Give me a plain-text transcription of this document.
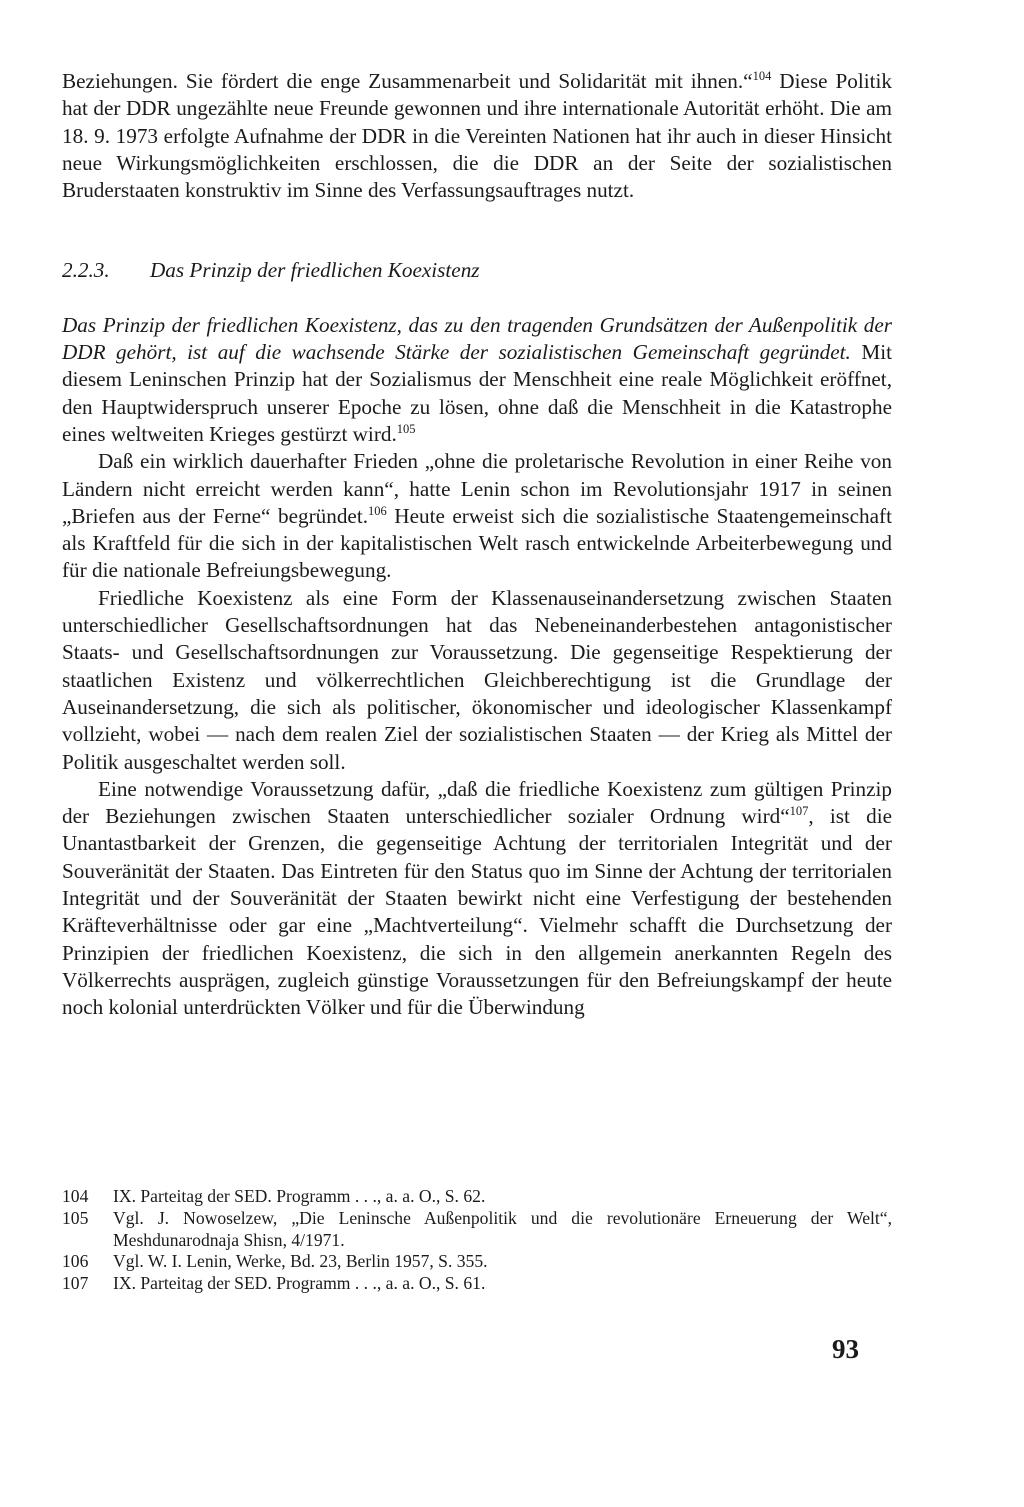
Beziehungen. Sie fördert die enge Zusammenarbeit und Solidarität mit ihnen.“$^{104}$ Diese Politik hat der DDR ungezählte neue Freunde gewonnen und ihre internationale Autorität erhöht. Die am 18. 9. 1973 erfolgte Aufnahme der DDR in die Vereinten Nationen hat ihr auch in dieser Hinsicht neue Wirkungsmöglichkeiten erschlossen, die die DDR an der Seite der sozialistischen Bruderstaaten konstruktiv im Sinne des Verfassungsauftrages nutzt.

2.2.3. Das Prinzip der friedlichen Koexistenz

Das Prinzip der friedlichen Koexistenz, das zu den tragenden Grundsätzen der Außenpolitik der DDR gehört, ist auf die wachsende Stärke der sozialistischen Gemeinschaft gegründet. Mit diesem Leninschen Prinzip hat der Sozialismus der Menschheit eine reale Möglichkeit eröffnet, den Hauptwiderspruch unserer Epoche zu lösen, ohne daß die Menschheit in die Katastrophe eines weltweiten Krieges gestürzt wird.$^{105}$

Daß ein wirklich dauerhafter Frieden „ohne die proletarische Revolution in einer Reihe von Ländern nicht erreicht werden kann“, hatte Lenin schon im Revolutionsjahr 1917 in seinen „Briefen aus der Ferne“ begründet.$^{106}$ Heute erweist sich die sozialistische Staatengemeinschaft als Kraftfeld für die sich in der kapitalistischen Welt rasch entwickelnde Arbeiterbewegung und für die nationale Befreiungsbewegung.

Friedliche Koexistenz als eine Form der Klassenauseinandersetzung zwischen Staaten unterschiedlicher Gesellschaftsordnungen hat das Nebeneinanderbestehen antagonistischer Staats- und Gesellschaftsordnungen zur Voraussetzung. Die gegenseitige Respektierung der staatlichen Existenz und völkerrechtlichen Gleichberechtigung ist die Grundlage der Auseinandersetzung, die sich als politischer, ökonomischer und ideologischer Klassenkampf vollzieht, wobei — nach dem realen Ziel der sozialistischen Staaten — der Krieg als Mittel der Politik ausgeschaltet werden soll.

Eine notwendige Voraussetzung dafür, „daß die friedliche Koexistenz zum gültigen Prinzip der Beziehungen zwischen Staaten unterschiedlicher sozialer Ordnung wird“$^{107}$, ist die Unantastbarkeit der Grenzen, die gegenseitige Achtung der territorialen Integrität und der Souveränität der Staaten. Das Eintreten für den Status quo im Sinne der Achtung der territorialen Integrität und der Souveränität der Staaten bewirkt nicht eine Verfestigung der bestehenden Kräfteverhältnisse oder gar eine „Machtverteilung“. Vielmehr schafft die Durchsetzung der Prinzipien der friedlichen Koexistenz, die sich in den allgemein anerkannten Regeln des Völkerrechts ausprägen, zugleich günstige Voraussetzungen für den Befreiungskampf der heute noch kolonial unterdrückten Völker und für die Überwindung

104	IX. Parteitag der SED. Programm . . ., a. a. O., S. 62.
105	Vgl. J. Nowoselzew, „Die Leninsche Außenpolitik und die revolutionäre Erneuerung der Welt“, Meshdunarodnaja Shisn, 4/1971.
106	Vgl. W. I. Lenin, Werke, Bd. 23, Berlin 1957, S. 355.
107	IX. Parteitag der SED. Programm . . ., a. a. O., S. 61.
93
